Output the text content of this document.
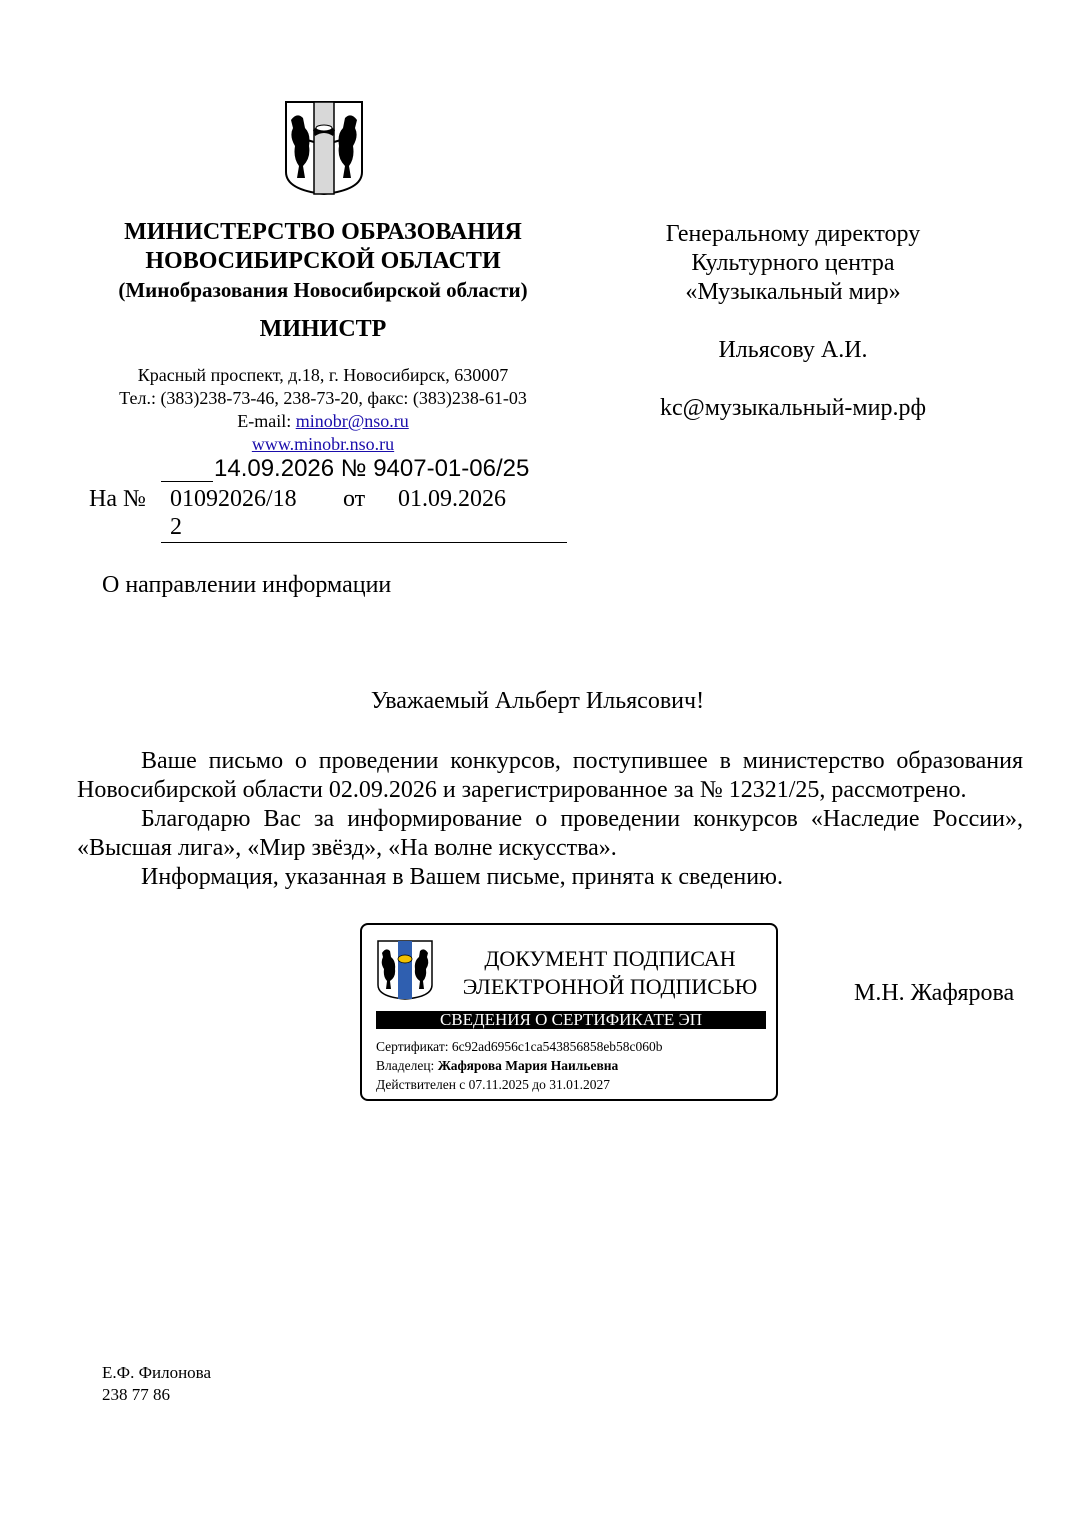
МИНИСТЕРСТВО ОБРАЗОВАНИЯ
НОВОСИБИРСКОЙ ОБЛАСТИ
(Минобразования Новосибирской области)
МИНИСТР
Красный проспект, д.18, г. Новосибирск, 630007
Тел.: (383)238-73-46, 238-73-20, факс: (383)238-61-03
E-mail: minobr@nso.ru
www.minobr.nso.ru
14.09.2026 № 9407-01-06/25
На № 01092026/18
2
от 01.09.2026
Генеральному директору
Культурного центра
«Музыкальный мир»
Ильясову А.И.
kc@музыкальный-мир.рф
О направлении информации
Уважаемый Альберт Ильясович!

Ваше письмо о проведении конкурсов, поступившее в министерство образования Новосибирской области 02.09.2026 и зарегистрированное за № 12321/25, рассмотрено.

Благодарю Вас за информирование о проведении конкурсов «Наследие России», «Высшая лига», «Мир звёзд», «На волне искусства».

Информация, указанная в Вашем письме, принята к сведению.

ДОКУМЕНТ ПОДПИСАН
ЭЛЕКТРОННОЙ ПОДПИСЬЮ
СВЕДЕНИЯ О СЕРТИФИКАТЕ ЭП
Сертификат: 6c92ad6956c1ca543856858eb58c060b
Владелец: Жафярова Мария Наильевна
Действителен с 07.11.2025 до 31.01.2027
М.Н. Жафярова
Е.Ф. Филонова
238 77 86
